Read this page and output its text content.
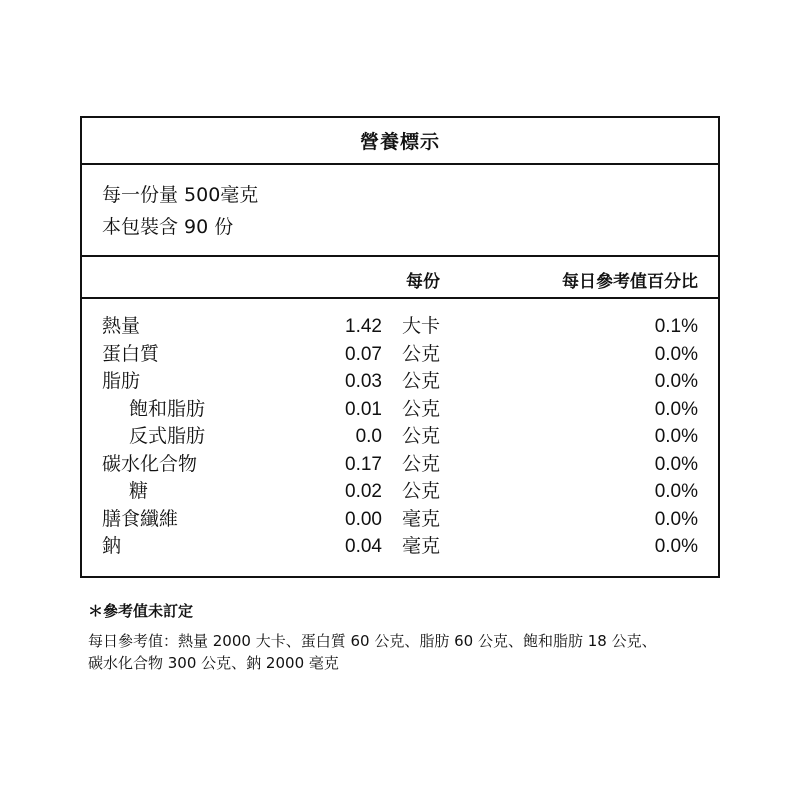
營養標示
每一份量 500毫克
本包裝含 90 份
每份	每日參考值百分比
熱量	1.42 大卡	0.1%
蛋白質	0.07 公克	0.0%
脂肪	0.03 公克	0.0%
飽和脂肪	0.01 公克	0.0%
反式脂肪	0.0 公克	0.0%
碳水化合物	0.17 公克	0.0%
糖	0.02 公克	0.0%
膳食纖維	0.00 毫克	0.0%
鈉	0.04 毫克	0.0%
＊參考值未訂定
每日參考值：熱量 2000 大卡、蛋白質 60 公克、脂肪 60 公克、飽和脂肪 18 公克、
碳水化合物 300 公克、鈉 2000 毫克
